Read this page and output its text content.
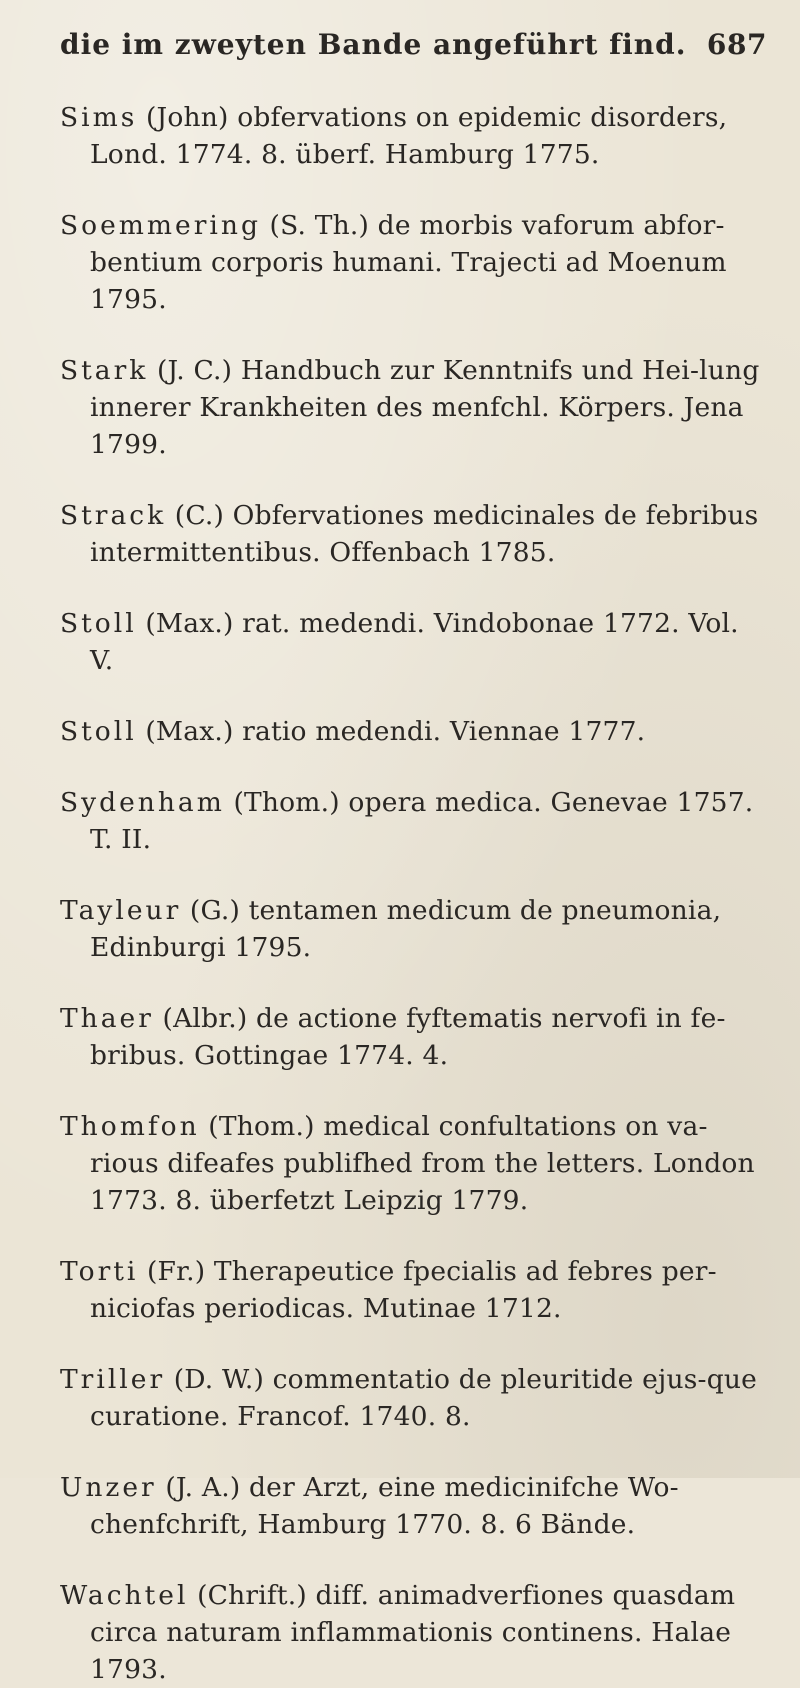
die im zweyten Bande angeführt find. 687
Sims (John) obfervations on epidemic disorders, Lond. 1774. 8. überf. Hamburg 1775.
Soemmering (S. Th.) de morbis vaforum abfor-bentium corporis humani. Trajecti ad Moenum 1795.
Stark (J. C.) Handbuch zur Kenntnifs und Hei-lung innerer Krankheiten des menfchl. Körpers. Jena 1799.
Strack (C.) Obfervationes medicinales de febribus intermittentibus. Offenbach 1785.
Stoll (Max.) rat. medendi. Vindobonae 1772. Vol. V.
Stoll (Max.) ratio medendi. Viennae 1777.
Sydenham (Thom.) opera medica. Genevae 1757. T. II.
Tayleur (G.) tentamen medicum de pneumonia, Edinburgi 1795.
Thaer (Albr.) de actione fyftematis nervofi in fe-bribus. Gottingae 1774. 4.
Thomfon (Thom.) medical confultations on va-rious difeafes publifhed from the letters. London 1773. 8. überfetzt Leipzig 1779.
Torti (Fr.) Therapeutice fpecialis ad febres per-niciofas periodicas. Mutinae 1712.
Triller (D. W.) commentatio de pleuritide ejus-que curatione. Francof. 1740. 8.
Unzer (J. A.) der Arzt, eine medicinifche Wo-chenfchrift, Hamburg 1770. 8. 6 Bände.
Wachtel (Chrift.) diff. animadverfiones quasdam circa naturam inflammationis continens. Halae 1793.
